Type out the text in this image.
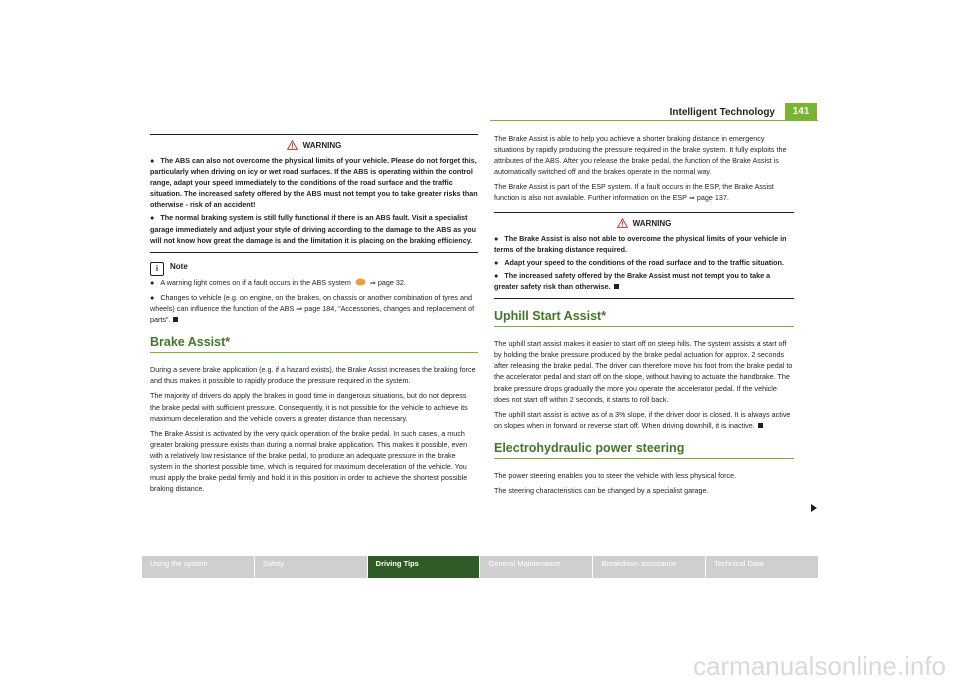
Intelligent Technology	141
WARNING

● The ABS can also not overcome the physical limits of your vehicle. Please do not forget this, particularly when driving on icy or wet road surfaces. If the ABS is operating within the control range, adapt your speed immediately to the conditions of the road surface and the traffic situation. The increased safety offered by the ABS must not tempt you to take greater risks than otherwise - risk of an accident!

● The normal braking system is still fully functional if there is an ABS fault. Visit a specialist garage immediately and adjust your style of driving according to the damage to the ABS as you will not know how great the damage is and the limitation it is placing on the braking efficiency.

i Note

● A warning light comes on if a fault occurs in the ABS system	⇒ page 32.

● Changes to vehicle (e.g. on engine, on the brakes, on chassis or another combination of tyres and wheels) can influence the function of the ABS ⇒ page 184, “Accessories, changes and replacement of parts”.

Brake Assist*

During a severe brake application (e.g. if a hazard exists), the Brake Assist increases the braking force and thus makes it possible to rapidly produce the pressure required in the system.

The majority of drivers do apply the brakes in good time in dangerous situations, but do not depress the brake pedal with sufficient pressure. Consequently, it is not possible for the vehicle to achieve its maximum deceleration and the vehicle covers a greater distance than necessary.

The Brake Assist is activated by the very quick operation of the brake pedal. In such cases, a much greater braking pressure exists than during a normal brake application. This makes it possible, even with a relatively low resistance of the brake pedal, to produce an adequate pressure in the brake system in the shortest possible time, which is required for maximum deceleration of the vehicle. You must apply the brake pedal firmly and hold it in this position in order to achieve the shortest possible braking distance.

The Brake Assist is able to help you achieve a shorter braking distance in emergency situations by rapidly producing the pressure required in the brake system. It fully exploits the attributes of the ABS. After you release the brake pedal, the function of the Brake Assist is automatically switched off and the brakes operate in the normal way.

The Brake Assist is part of the ESP system. If a fault occurs in the ESP, the Brake Assist function is also not available. Further information on the ESP ⇒ page 137.

WARNING

● The Brake Assist is also not able to overcome the physical limits of your vehicle in terms of the braking distance required.

● Adapt your speed to the conditions of the road surface and to the traffic situation.

● The increased safety offered by the Brake Assist must not tempt you to take a greater safety risk than otherwise.

Uphill Start Assist*

The uphill start assist makes it easier to start off on steep hills. The system assists a start off by holding the brake pressure produced by the brake pedal actuation for approx. 2 seconds after releasing the brake pedal. The driver can therefore move his foot from the brake pedal to the accelerator pedal and start off on the slope, without having to actuate the handbrake. The brake pressure drops gradually the more you operate the accelerator pedal. If the vehicle does not start off within 2 seconds, it starts to roll back.

The uphill start assist is active as of a 3% slope, if the driver door is closed. It is always active on slopes when in forward or reverse start off. When driving downhill, it is inactive.

Electrohydraulic power steering

The power steering enables you to steer the vehicle with less physical force.

The steering characteristics can be changed by a specialist garage.

Using the system	Safety	Driving Tips	General Maintenance	Breakdown assistance	Technical Data
carmanualsonline.info
